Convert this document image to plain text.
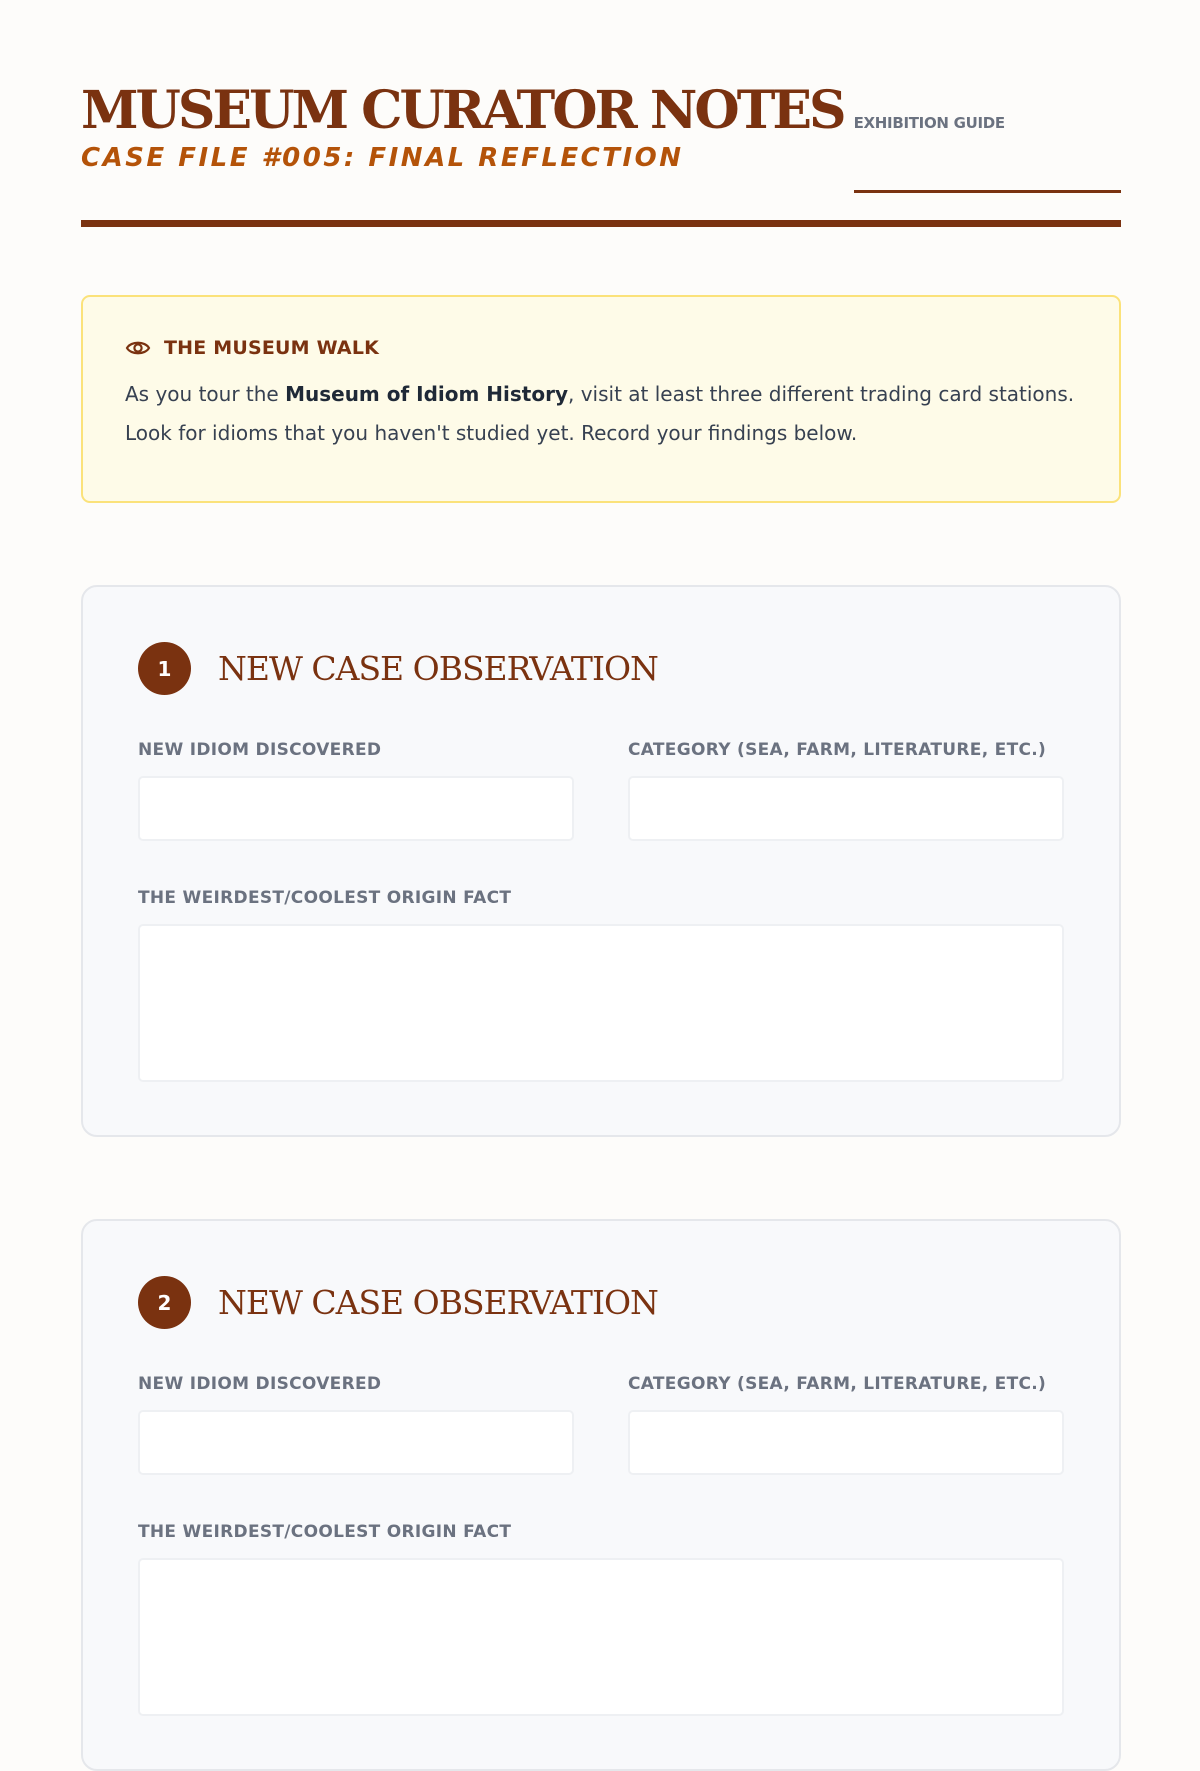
MUSEUM CURATOR NOTES EXHIBITION GUIDE
CASE FILE #005: FINAL REFLECTION
THE MUSEUM WALK
As you tour the Museum of Idiom History, visit at least three different trading card stations. Look for idioms that you haven't studied yet. Record your findings below.
1	NEW CASE OBSERVATION
NEW IDIOM DISCOVERED	CATEGORY (SEA, FARM, LITERATURE, ETC.)
THE WEIRDEST/COOLEST ORIGIN FACT
2	NEW CASE OBSERVATION
NEW IDIOM DISCOVERED	CATEGORY (SEA, FARM, LITERATURE, ETC.)
THE WEIRDEST/COOLEST ORIGIN FACT
